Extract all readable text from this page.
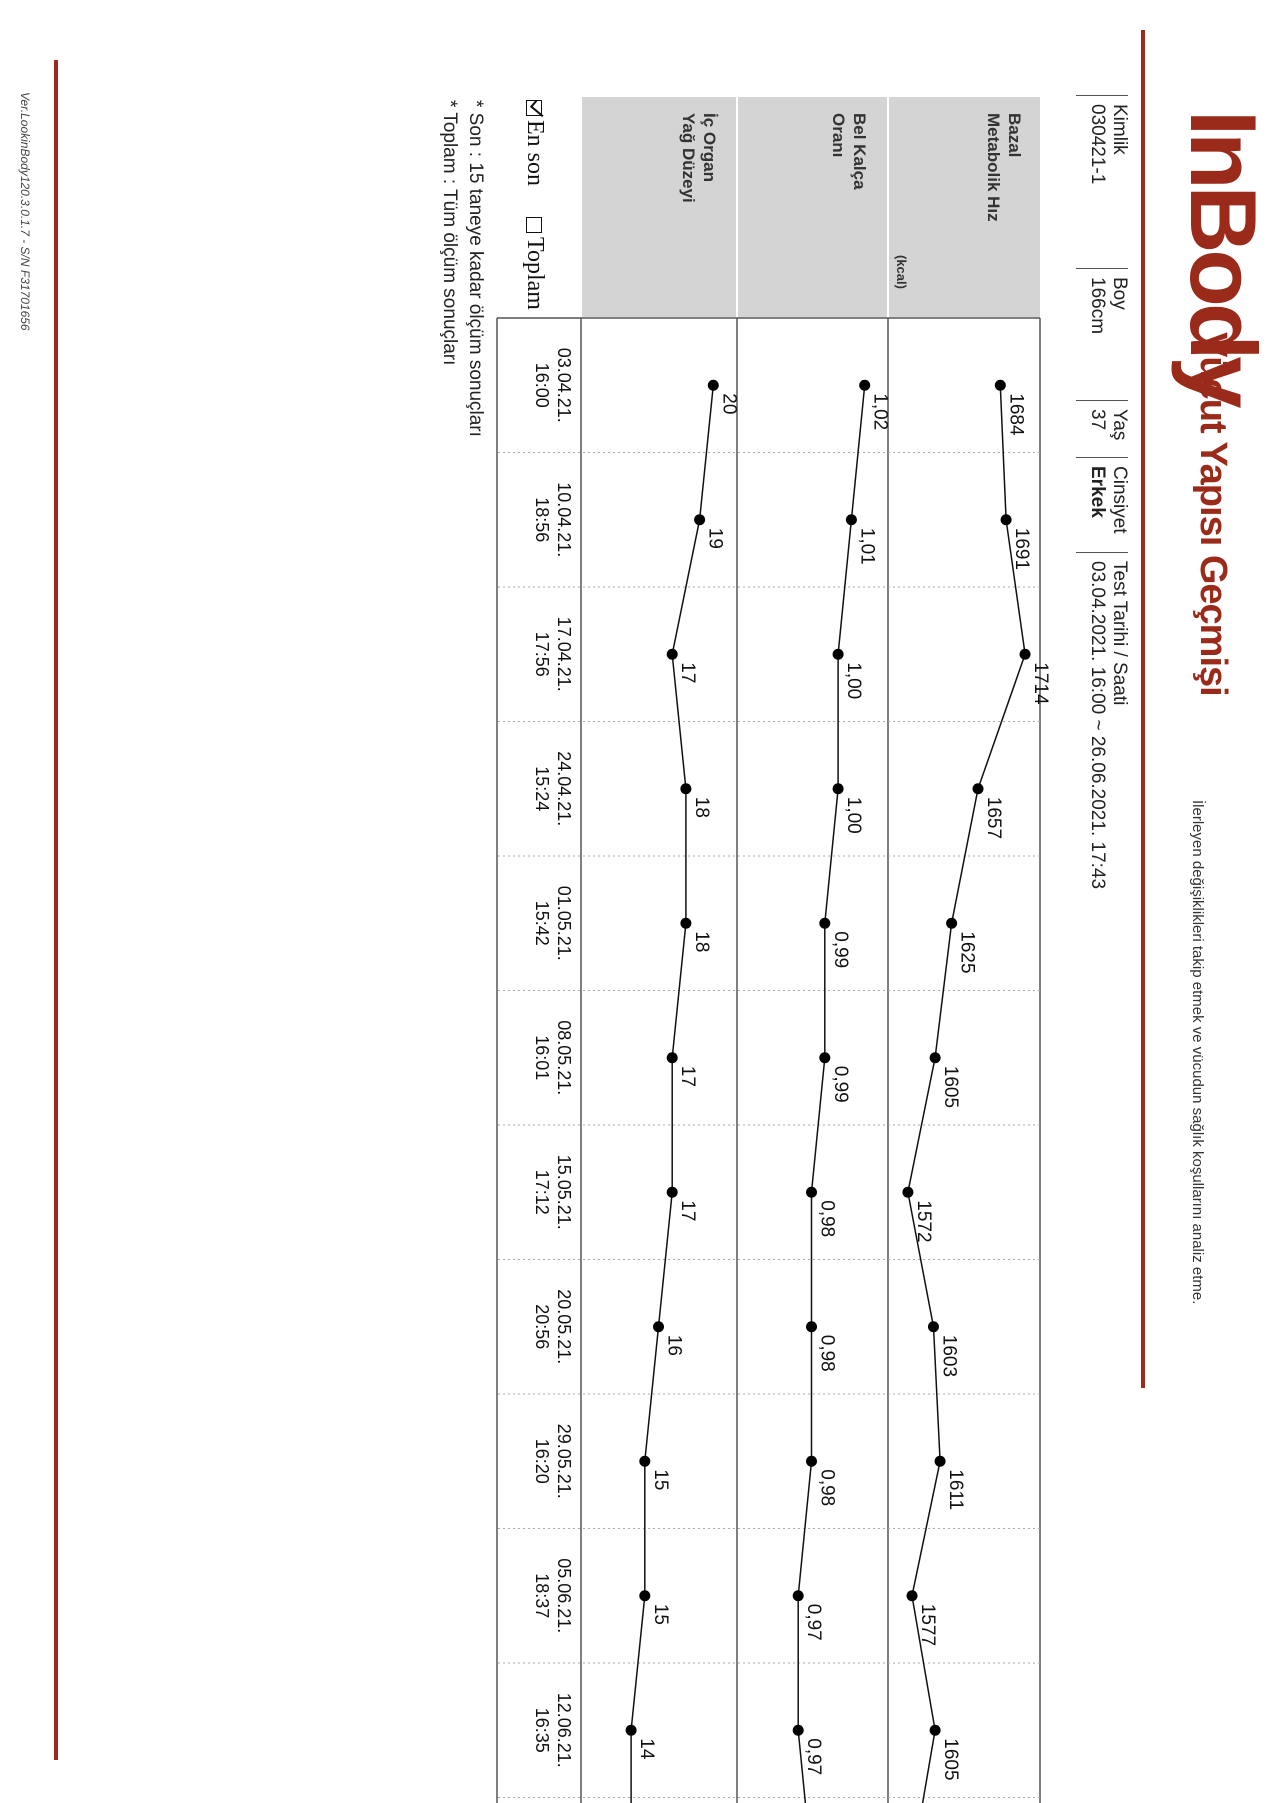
InBody
Vücut Yapısı Geçmişi
İlerleyen değişiklikleri takip etmek ve vücudun sağlık koşullarını analiz etme.
Kimlik
030421-1
Boy
166cm
Yaş
37
Cinsiyet
Erkek
Test Tarihi / Saati
03.04.2021. 16:00 ~ 26.06.2021. 17:43
Bazal
Metabolik Hız
(kcal)
Bel Kalça
Oranı
İç Organ
Yağ Düzeyi
En son
Toplam
03.04.21.
16:00
10.04.21.
18:56
17.04.21.
17:56
24.04.21.
15:24
01.05.21.
15:42
08.05.21.
16:01
15.05.21.
17:12
20.05.21.
20:56
29.05.21.
16:20
05.06.21.
18:37
12.06.21.
16:35
1684
1691
1714
1657
1625
1605
1572
1603
1611
1577
1605
1,02
1,01
1,00
1,00
0,99
0,99
0,98
0,98
0,98
0,97
0,97
20
19
17
18
18
17
17
16
15
15
14
* Son : 15 taneye kadar ölçüm sonuçları
* Toplam : Tüm ölçüm sonuçları
Ver.LookinBody120.3.0.1.7 - S/N F31701656
